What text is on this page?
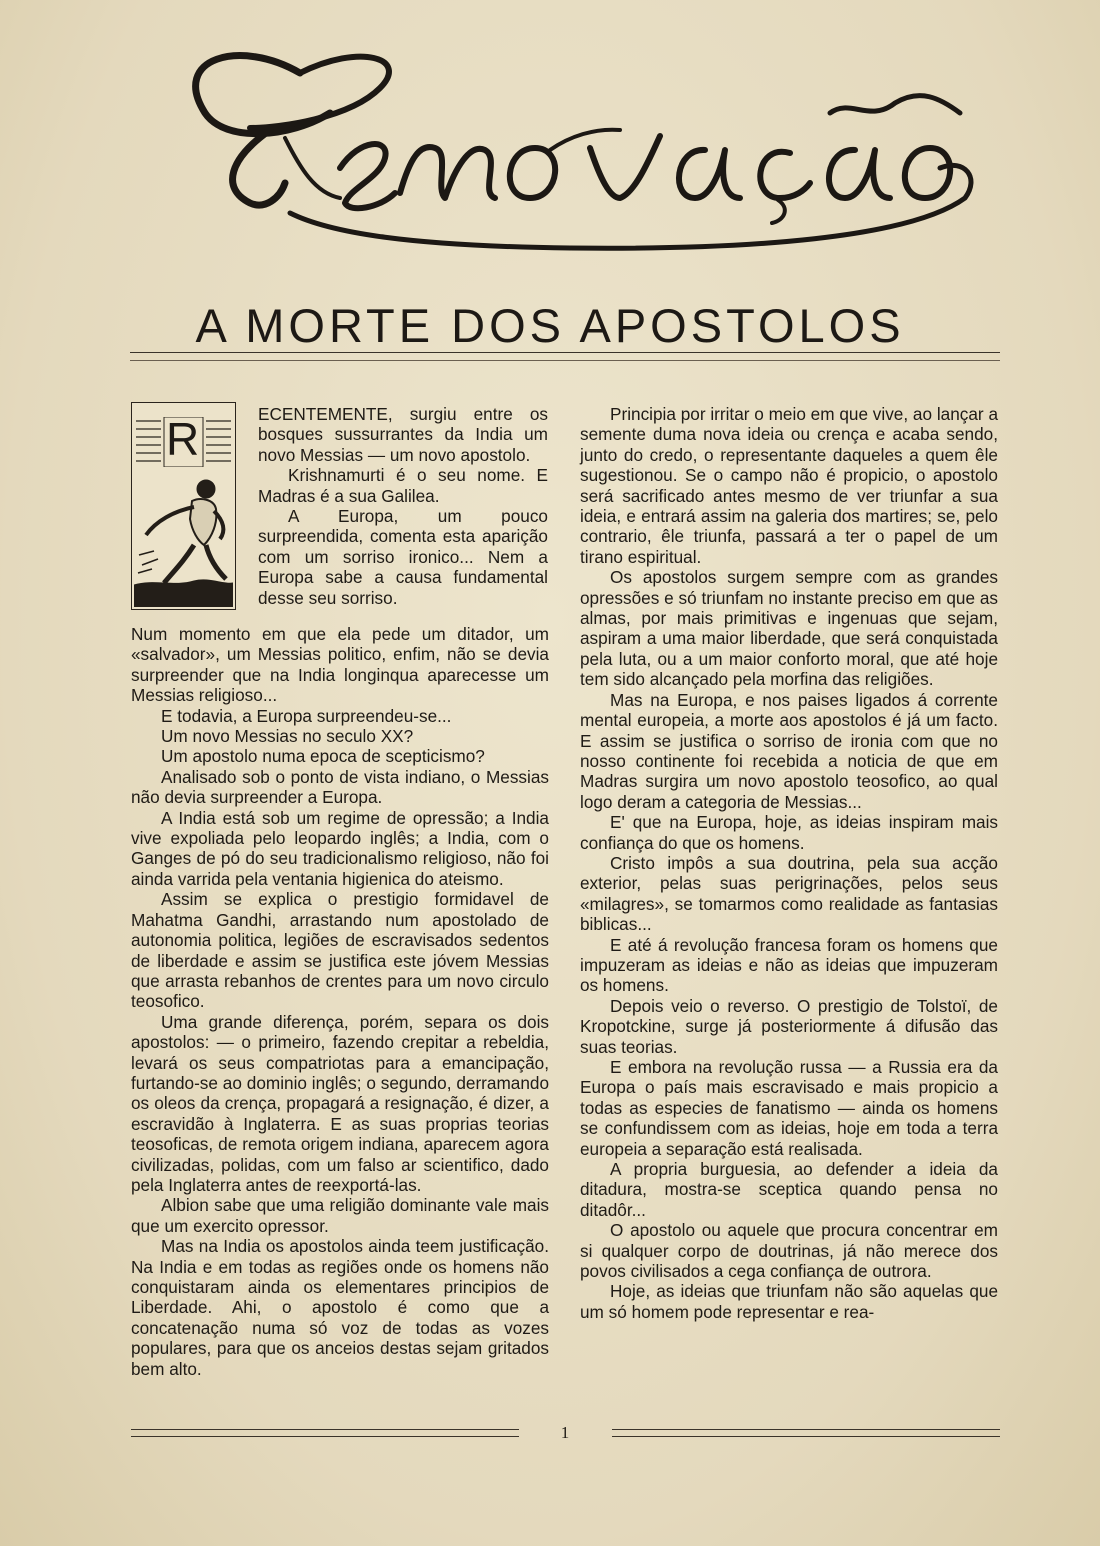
A MORTE DOS APOSTOLOS
R	ECENTEMENTE, surgiu entre os bosques sussurrantes da India um novo Messias — um novo apostolo.

Krishnamurti é o seu nome. E Madras é a sua Galilea.

A Europa, um pouco surpreendida, comenta esta aparição com um sorriso ironico... Nem a Europa sabe a causa fundamental desse seu sorriso.

Num momento em que ela pede um ditador, um «salvador», um Messias politico, enfim, não se devia surpreender que na India longinqua aparecesse um Messias religioso...

E todavia, a Europa surpreendeu-se...

Um novo Messias no seculo XX?

Um apostolo numa epoca de scepticismo?

Analisado sob o ponto de vista indiano, o Messias não devia surpreender a Europa.

A India está sob um regime de opressão; a India vive expoliada pelo leopardo inglês; a India, com o Ganges de pó do seu tradicionalismo religioso, não foi ainda varrida pela ventania higienica do ateismo.

Assim se explica o prestigio formidavel de Mahatma Gandhi, arrastando num apostolado de autonomia politica, legiões de escravisados sedentos de liberdade e assim se justifica este jóvem Messias que arrasta rebanhos de crentes para um novo circulo teosofico.

Uma grande diferença, porém, separa os dois apostolos: — o primeiro, fazendo crepitar a rebeldia, levará os seus compatriotas para a emancipação, furtando-se ao dominio inglês; o segundo, derramando os oleos da crença, propagará a resignação, é dizer, a escravidão à Inglaterra. E as suas proprias teorias teosoficas, de remota origem indiana, aparecem agora civilizadas, polidas, com um falso ar scientifico, dado pela Inglaterra antes de reexportá-las.

Albion sabe que uma religião dominante vale mais que um exercito opressor.

Mas na India os apostolos ainda teem justificação. Na India e em todas as regiões onde os homens não conquistaram ainda os elementares principios de Liberdade. Ahi, o apostolo é como que a concatenação numa só voz de todas as vozes populares, para que os anceios destas sejam gritados bem alto.

Principia por irritar o meio em que vive, ao lançar a semente duma nova ideia ou crença e acaba sendo, junto do credo, o representante daqueles a quem êle sugestionou. Se o campo não é propicio, o apostolo será sacrificado antes mesmo de ver triunfar a sua ideia, e entrará assim na galeria dos martires; se, pelo contrario, êle triunfa, passará a ter o papel de um tirano espiritual.

Os apostolos surgem sempre com as grandes opressões e só triunfam no instante preciso em que as almas, por mais primitivas e ingenuas que sejam, aspiram a uma maior liberdade, que será conquistada pela luta, ou a um maior conforto moral, que até hoje tem sido alcançado pela morfina das religiões.

Mas na Europa, e nos paises ligados á corrente mental europeia, a morte aos apostolos é já um facto. E assim se justifica o sorriso de ironia com que no nosso continente foi recebida a noticia de que em Madras surgira um novo apostolo teosofico, ao qual logo deram a categoria de Messias...

E' que na Europa, hoje, as ideias inspiram mais confiança do que os homens.

Cristo impôs a sua doutrina, pela sua acção exterior, pelas suas perigrinações, pelos seus «milagres», se tomarmos como realidade as fantasias biblicas...

E até á revolução francesa foram os homens que impuzeram as ideias e não as ideias que impuzeram os homens.

Depois veio o reverso. O prestigio de Tolstoï, de Kropotckine, surge já posteriormente á difusão das suas teorias.

E embora na revolução russa — a Russia era da Europa o país mais escravisado e mais propicio a todas as especies de fanatismo — ainda os homens se confundissem com as ideias, hoje em toda a terra europeia a separação está realisada.

A propria burguesia, ao defender a ideia da ditadura, mostra-se sceptica quando pensa no ditadôr...

O apostolo ou aquele que procura concentrar em si qualquer corpo de doutrinas, já não merece dos povos civilisados a cega confiança de outrora.

Hoje, as ideias que triunfam não são aquelas que um só homem pode representar e rea-

1
